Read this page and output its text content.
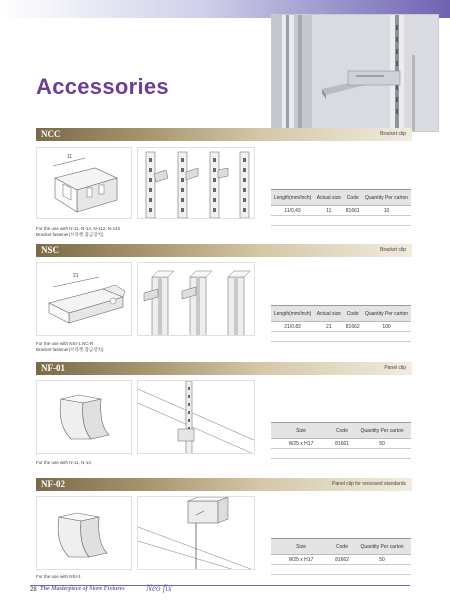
Accessories
NCC	Bracket clip
11
Length(mm/inch)	Actual size	Code	Quantity Per carton
11/0.43	11	81661	10

For the use with N-11, N-14, N-112, N-142
Bracket fastener(브라켓 잠금장치)
NSC	Bracket clip
21
Length(mm/inch)	Actual size	Code	Quantity Per carton
21/0.82	21	81662	100

For the use with NSI-1,NC-R
Bracket fastener(브라켓 잠금장치)
NF-01	Panel clip
Size	Code	Quantity Per carton
W25 x H17	81661	50

For the use with N-11, N-14
NF-02	Panel clip for recessed standards
Size	Code	Quantity Per carton
W25 x H17	81662	50

For the use with NSI-1
28 The Masterpiece of Store Fixtures Neo fix
